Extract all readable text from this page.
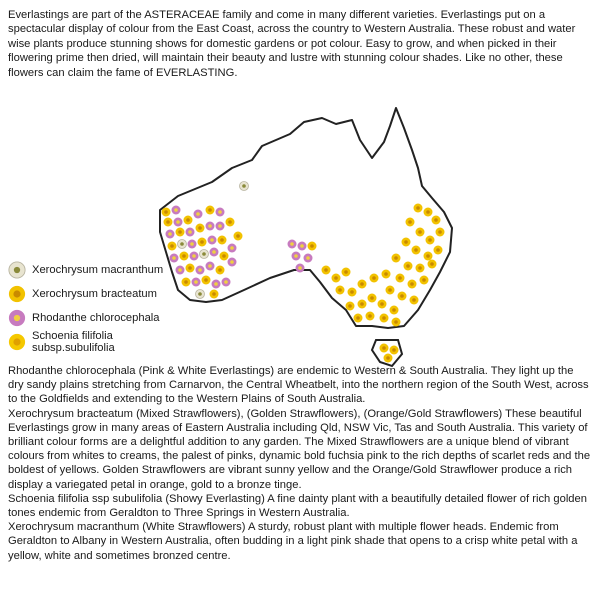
Everlastings are part of the ASTERACEAE family and come in many different varieties. Everlastings put on a spectacular display of colour from the East Coast, across the country to Western Australia. These robust and water wise plants produce stunning shows for domestic gardens or pot colour. Easy to grow, and when picked in their flowering prime then dried, will maintain their beauty and lustre with stunning colour shades. Like no other, these flowers can claim the fame of EVERLASTING.

Xerochrysum macranthum
Xerochrysum bracteatum
Rhodanthe chlorocephala
Schoenia filifolia subsp.subulifolia

Rhodanthe chlorocephala (Pink & White Everlastings) are endemic to Western & South Australia. They light up the dry sandy plains stretching from Carnarvon, the Central Wheatbelt, into the northern region of the South West, across to the Goldfields and extending to the Western Plains of South Australia.

Xerochrysum bracteatum (Mixed Strawflowers), (Golden Strawflowers), (Orange/Gold Strawflowers) These beautiful Everlastings grow in many areas of Eastern Australia including Qld, NSW Vic, Tas and South Australia. This variety of brilliant colour forms are a delightful addition to any garden. The Mixed Strawflowers are a unique blend of vibrant colours from whites to creams, the palest of pinks, dynamic bold fuchsia pink to the rich depths of scarlet reds and the boldest of yellows. Golden Strawflowers are vibrant sunny yellow and the Orange/Gold Strawflower produce a rich display a variegated petal in orange, gold to a bronze tinge.

Schoenia filifolia ssp subulifolia (Showy Everlasting) A fine dainty plant with a beautifully detailed flower of rich golden tones endemic from Geraldton to Three Springs in Western Australia.

Xerochrysum macranthum (White Strawflowers) A sturdy, robust plant with multiple flower heads. Endemic from Geraldton to Albany in Western Australia, often budding in a light pink shade that opens to a crisp white petal with a yellow, white and sometimes bronzed centre.
